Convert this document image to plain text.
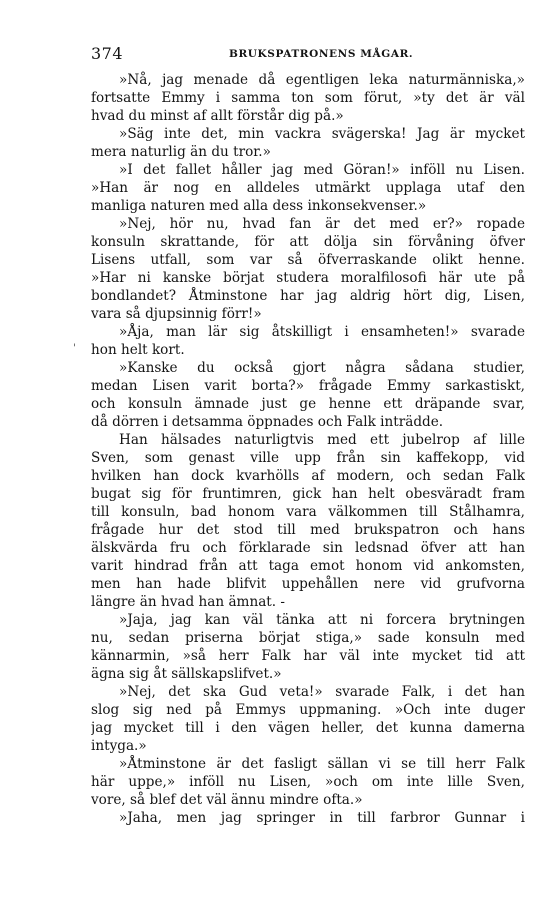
374	BRUKSPATRONENS MÅGAR.
'
»Nå, jag menade då egentligen leka naturmänniska,»
fortsatte Emmy i samma ton som förut, »ty det är väl
hvad du minst af allt förstår dig på.»
»Säg inte det, min vackra svägerska! Jag är mycket
mera naturlig än du tror.»
»I det fallet håller jag med Göran!» inföll nu Lisen.
»Han är nog en alldeles utmärkt upplaga utaf den
manliga naturen med alla dess inkonsekvenser.»
»Nej, hör nu, hvad fan är det med er?» ropade
konsuln skrattande, för att dölja sin förvåning öfver
Lisens utfall, som var så öfverraskande olikt henne.
»Har ni kanske börjat studera moralfilosofi här ute på
bondlandet? Åtminstone har jag aldrig hört dig, Lisen,
vara så djupsinnig förr!»
»Åja, man lär sig åtskilligt i ensamheten!» svarade
hon helt kort.
»Kanske du också gjort några sådana studier,
medan Lisen varit borta?» frågade Emmy sarkastiskt,
och konsuln ämnade just ge henne ett dräpande svar,
då dörren i detsamma öppnades och Falk inträdde.
Han hälsades naturligtvis med ett jubelrop af lille
Sven, som genast ville upp från sin kaffekopp, vid
hvilken han dock kvarhölls af modern, och sedan Falk
bugat sig för fruntimren, gick han helt obesväradt fram
till konsuln, bad honom vara välkommen till Stålhamra,
frågade hur det stod till med brukspatron och hans
älskvärda fru och förklarade sin ledsnad öfver att han
varit hindrad från att taga emot honom vid ankomsten,
men han hade blifvit uppehållen nere vid grufvorna
längre än hvad han ämnat. -
»Jaja, jag kan väl tänka att ni forcera brytningen
nu, sedan priserna börjat stiga,» sade konsuln med
kännarmin, »så herr Falk har väl inte mycket tid att
ägna sig åt sällskapslifvet.»
»Nej, det ska Gud veta!» svarade Falk, i det han
slog sig ned på Emmys uppmaning. »Och inte duger
jag mycket till i den vägen heller, det kunna damerna
intyga.»
»Åtminstone är det fasligt sällan vi se till herr Falk
här uppe,» inföll nu Lisen, »och om inte lille Sven,
vore, så blef det väl ännu mindre ofta.»
»Jaha, men jag springer in till farbror Gunnar i
